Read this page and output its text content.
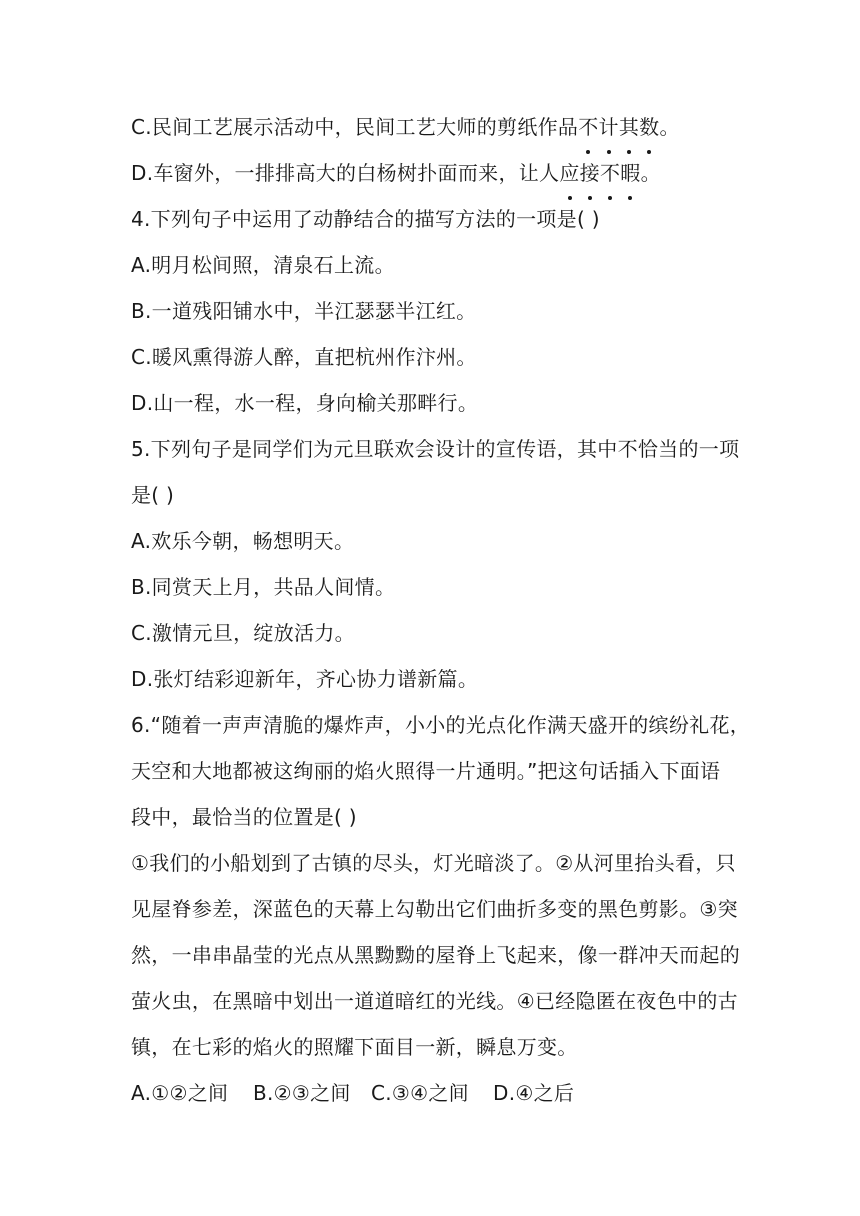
C.民间工艺展示活动中，民间工艺大师的剪纸作品不计其数。
D.车窗外，一排排高大的白杨树扑面而来，让人应接不暇。
4.下列句子中运用了动静结合的描写方法的一项是( )
A.明月松间照，清泉石上流。
B.一道残阳铺水中，半江瑟瑟半江红。
C.暖风熏得游人醉，直把杭州作汴州。
D.山一程，水一程，身向榆关那畔行。
5.下列句子是同学们为元旦联欢会设计的宣传语，其中不恰当的一项
是( )
A.欢乐今朝，畅想明天。
B.同赏天上月，共品人间情。
C.激情元旦，绽放活力。
D.张灯结彩迎新年，齐心协力谱新篇。
6.“随着一声声清脆的爆炸声，小小的光点化作满天盛开的缤纷礼花，
天空和大地都被这绚丽的焰火照得一片通明。”把这句话插入下面语
段中，最恰当的位置是( )
①我们的小船划到了古镇的尽头，灯光暗淡了。②从河里抬头看，只
见屋脊参差，深蓝色的天幕上勾勒出它们曲折多变的黑色剪影。③突
然，一串串晶莹的光点从黑黝黝的屋脊上飞起来，像一群冲天而起的
萤火虫，在黑暗中划出一道道暗红的光线。④已经隐匿在夜色中的古
镇，在七彩的焰火的照耀下面目一新，瞬息万变。
A.①②之间 B.②③之间 C.③④之间 D.④之后
